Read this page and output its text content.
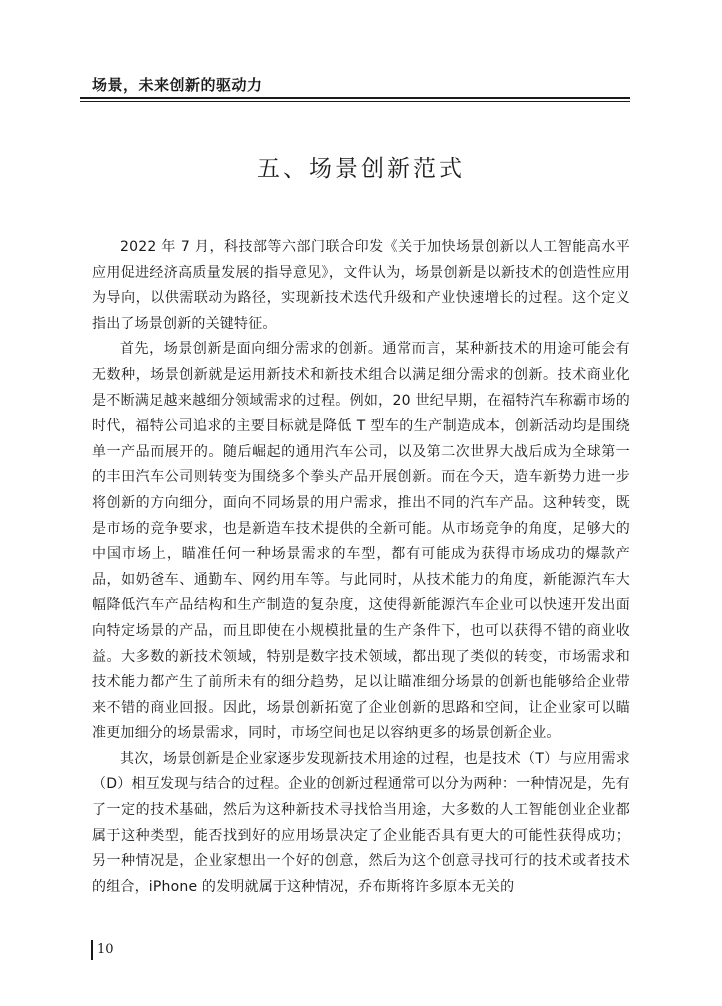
场景，未来创新的驱动力
五、场景创新范式

2022 年 7 月，科技部等六部门联合印发《关于加快场景创新以人工智能高水平应用促进经济高质量发展的指导意见》，文件认为，场景创新是以新技术的创造性应用为导向，以供需联动为路径，实现新技术迭代升级和产业快速增长的过程。这个定义指出了场景创新的关键特征。

首先，场景创新是面向细分需求的创新。通常而言，某种新技术的用途可能会有无数种，场景创新就是运用新技术和新技术组合以满足细分需求的创新。技术商业化是不断满足越来越细分领域需求的过程。例如，20 世纪早期，在福特汽车称霸市场的时代，福特公司追求的主要目标就是降低 T 型车的生产制造成本，创新活动均是围绕单一产品而展开的。随后崛起的通用汽车公司，以及第二次世界大战后成为全球第一的丰田汽车公司则转变为围绕多个拳头产品开展创新。而在今天，造车新势力进一步将创新的方向细分，面向不同场景的用户需求，推出不同的汽车产品。这种转变，既是市场的竞争要求，也是新造车技术提供的全新可能。从市场竞争的角度，足够大的中国市场上，瞄准任何一种场景需求的车型，都有可能成为获得市场成功的爆款产品，如奶爸车、通勤车、网约用车等。与此同时，从技术能力的角度，新能源汽车大幅降低汽车产品结构和生产制造的复杂度，这使得新能源汽车企业可以快速开发出面向特定场景的产品，而且即使在小规模批量的生产条件下，也可以获得不错的商业收益。大多数的新技术领域，特别是数字技术领域，都出现了类似的转变，市场需求和技术能力都产生了前所未有的细分趋势，足以让瞄准细分场景的创新也能够给企业带来不错的商业回报。因此，场景创新拓宽了企业创新的思路和空间，让企业家可以瞄准更加细分的场景需求，同时，市场空间也足以容纳更多的场景创新企业。

其次，场景创新是企业家逐步发现新技术用途的过程，也是技术（T）与应用需求（D）相互发现与结合的过程。企业的创新过程通常可以分为两种：一种情况是，先有了一定的技术基础，然后为这种新技术寻找恰当用途，大多数的人工智能创业企业都属于这种类型，能否找到好的应用场景决定了企业能否具有更大的可能性获得成功；另一种情况是，企业家想出一个好的创意，然后为这个创意寻找可行的技术或者技术的组合，iPhone 的发明就属于这种情况，乔布斯将许多原本无关的

10
